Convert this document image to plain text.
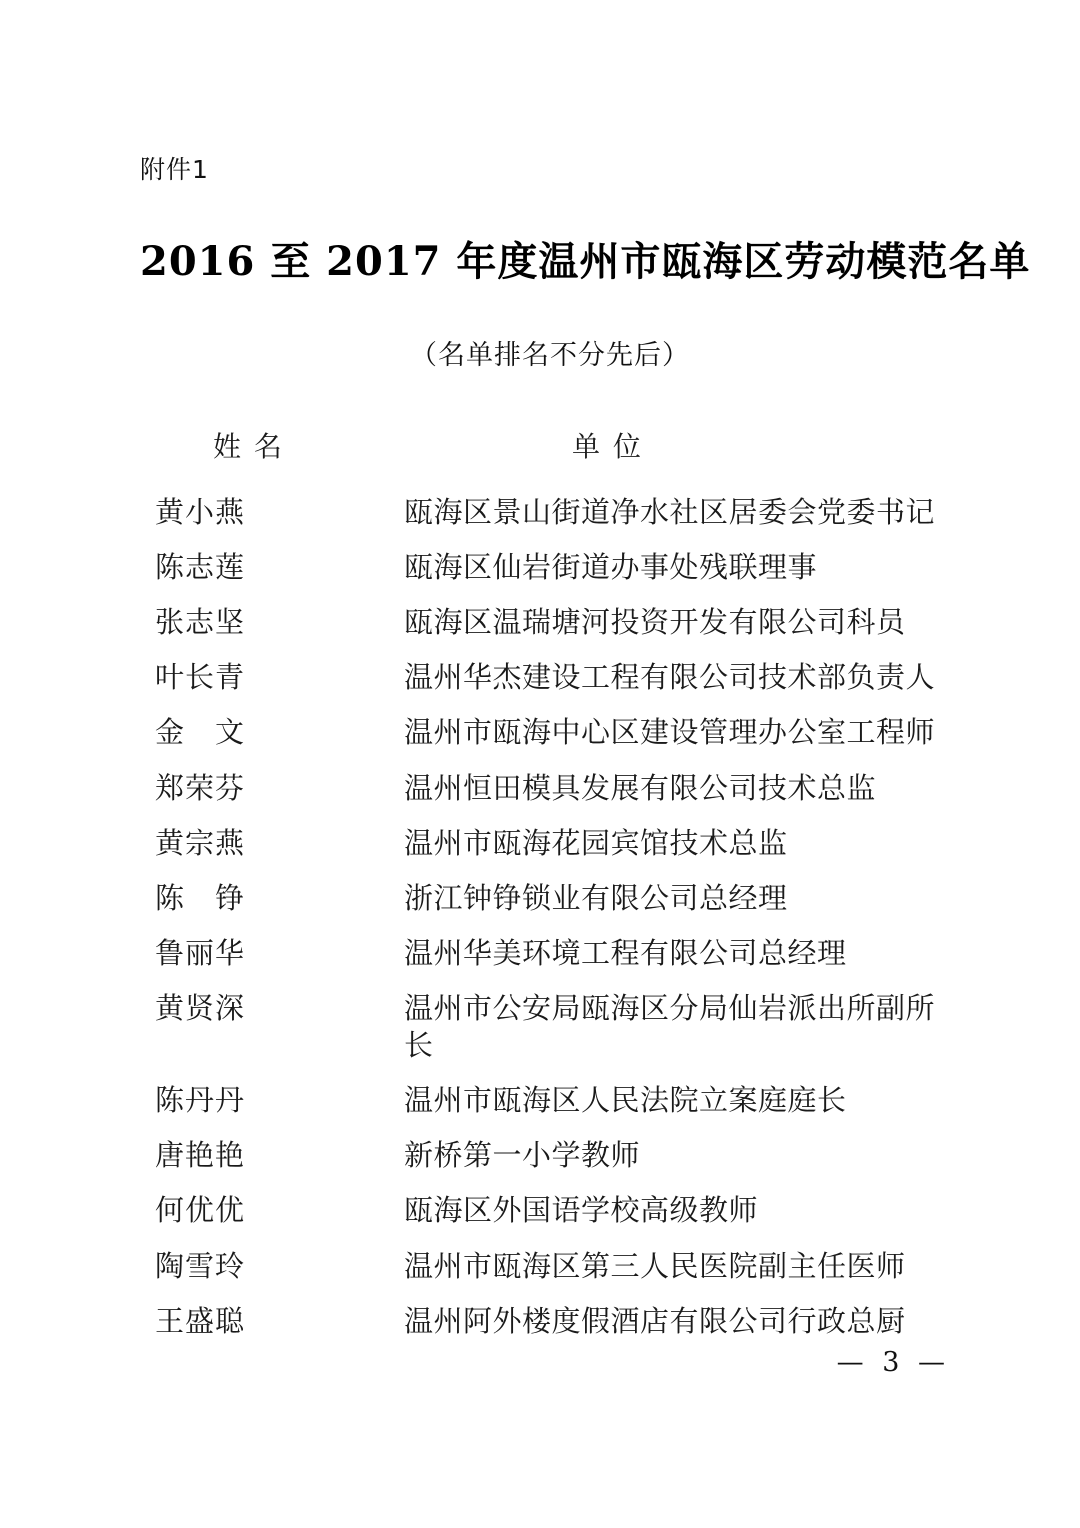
附件1
2016 至 2017 年度温州市瓯海区劳动模范名单
（名单排名不分先后）
姓 名	单 位
黄小燕	瓯海区景山街道净水社区居委会党委书记
陈志莲	瓯海区仙岩街道办事处残联理事
张志坚	瓯海区温瑞塘河投资开发有限公司科员
叶长青	温州华杰建设工程有限公司技术部负责人
金　文	温州市瓯海中心区建设管理办公室工程师
郑荣芬	温州恒田模具发展有限公司技术总监
黄宗燕	温州市瓯海花园宾馆技术总监
陈　铮	浙江钟铮锁业有限公司总经理
鲁丽华	温州华美环境工程有限公司总经理
黄贤深	温州市公安局瓯海区分局仙岩派出所副所长
陈丹丹	温州市瓯海区人民法院立案庭庭长
唐艳艳	新桥第一小学教师
何优优	瓯海区外国语学校高级教师
陶雪玲	温州市瓯海区第三人民医院副主任医师
王盛聪	温州阿外楼度假酒店有限公司行政总厨
— 3 —
